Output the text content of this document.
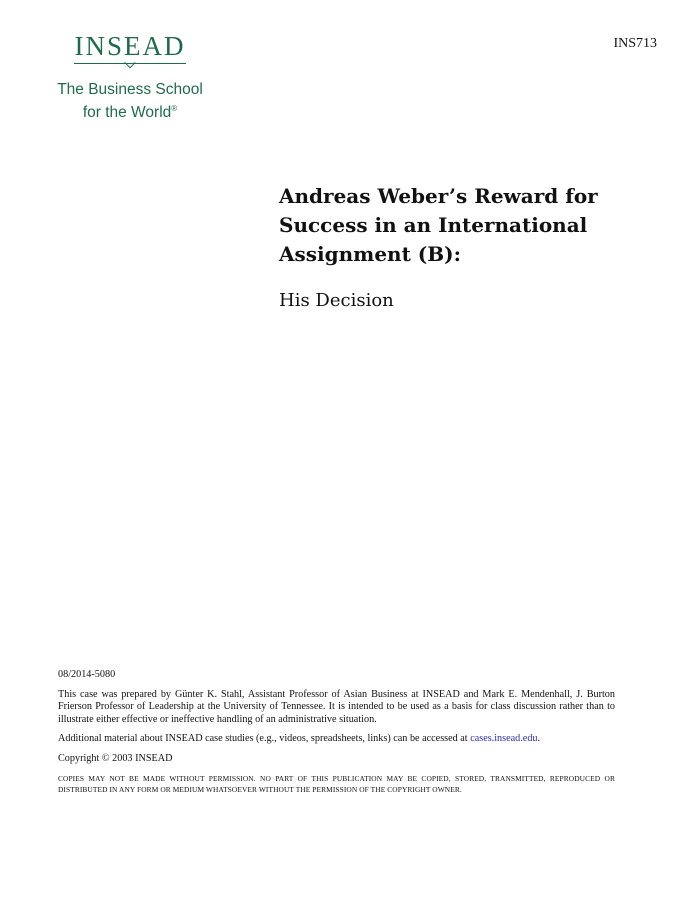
INSEAD
The Business School
for the World®
INS713
Andreas Weber’s Reward for Success in an International Assignment (B):
His Decision

08/2014-5080

This case was prepared by Günter K. Stahl, Assistant Professor of Asian Business at INSEAD and Mark E. Mendenhall, J. Burton Frierson Professor of Leadership at the University of Tennessee. It is intended to be used as a basis for class discussion rather than to illustrate either effective or ineffective handling of an administrative situation.

Additional material about INSEAD case studies (e.g., videos, spreadsheets, links) can be accessed at cases.insead.edu.

Copyright © 2003 INSEAD

COPIES MAY NOT BE MADE WITHOUT PERMISSION. NO PART OF THIS PUBLICATION MAY BE COPIED, STORED, TRANSMITTED, REPRODUCED OR DISTRIBUTED IN ANY FORM OR MEDIUM WHATSOEVER WITHOUT THE PERMISSION OF THE COPYRIGHT OWNER.
